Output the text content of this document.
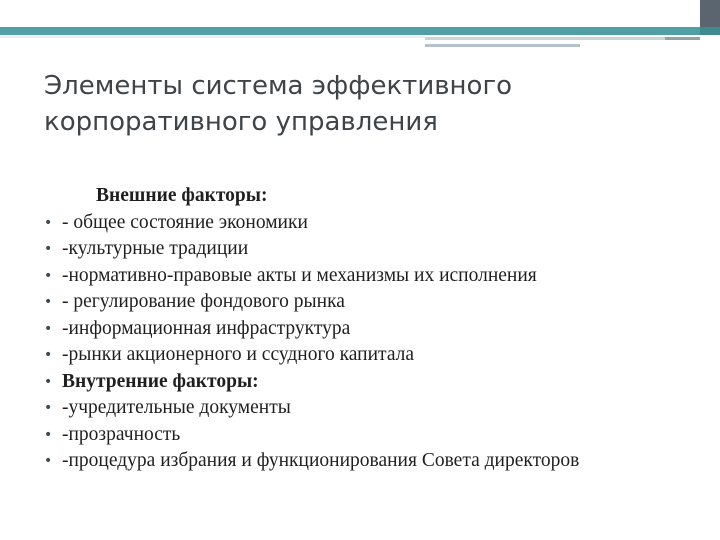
Элементы система эффективного
корпоративного управления
Внешние факторы:
• - общее состояние экономики
• -культурные традиции
• -нормативно-правовые акты и механизмы их исполнения
• - регулирование фондового рынка
• -информационная инфраструктура
• -рынки акционерного и ссудного капитала
• Внутренние факторы:
• -учредительные документы
• -прозрачность
• -процедура избрания и функционирования Совета директоров
